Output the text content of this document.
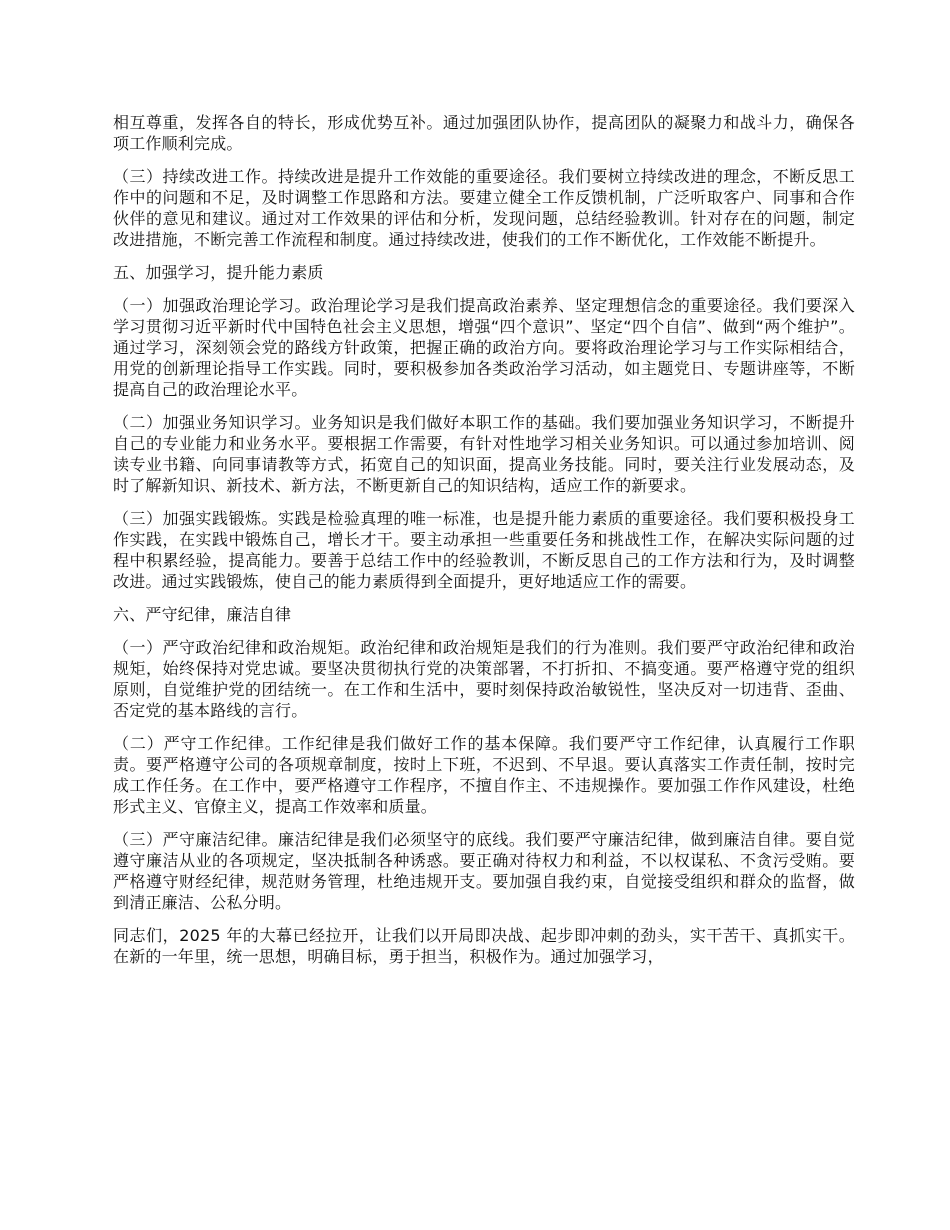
相互尊重，发挥各自的特长，形成优势互补。通过加强团队协作，提高团队的凝聚力和战斗力，确保各项工作顺利完成。

（三）持续改进工作。持续改进是提升工作效能的重要途径。我们要树立持续改进的理念，不断反思工作中的问题和不足，及时调整工作思路和方法。要建立健全工作反馈机制，广泛听取客户、同事和合作伙伴的意见和建议。通过对工作效果的评估和分析，发现问题，总结经验教训。针对存在的问题，制定改进措施，不断完善工作流程和制度。通过持续改进，使我们的工作不断优化，工作效能不断提升。

五、加强学习，提升能力素质

（一）加强政治理论学习。政治理论学习是我们提高政治素养、坚定理想信念的重要途径。我们要深入学习贯彻习近平新时代中国特色社会主义思想，增强“四个意识”、坚定“四个自信”、做到“两个维护”。通过学习，深刻领会党的路线方针政策，把握正确的政治方向。要将政治理论学习与工作实际相结合，用党的创新理论指导工作实践。同时，要积极参加各类政治学习活动，如主题党日、专题讲座等，不断提高自己的政治理论水平。

（二）加强业务知识学习。业务知识是我们做好本职工作的基础。我们要加强业务知识学习，不断提升自己的专业能力和业务水平。要根据工作需要，有针对性地学习相关业务知识。可以通过参加培训、阅读专业书籍、向同事请教等方式，拓宽自己的知识面，提高业务技能。同时，要关注行业发展动态，及时了解新知识、新技术、新方法，不断更新自己的知识结构，适应工作的新要求。

（三）加强实践锻炼。实践是检验真理的唯一标准，也是提升能力素质的重要途径。我们要积极投身工作实践，在实践中锻炼自己，增长才干。要主动承担一些重要任务和挑战性工作，在解决实际问题的过程中积累经验，提高能力。要善于总结工作中的经验教训，不断反思自己的工作方法和行为，及时调整改进。通过实践锻炼，使自己的能力素质得到全面提升，更好地适应工作的需要。

六、严守纪律，廉洁自律

（一）严守政治纪律和政治规矩。政治纪律和政治规矩是我们的行为准则。我们要严守政治纪律和政治规矩，始终保持对党忠诚。要坚决贯彻执行党的决策部署，不打折扣、不搞变通。要严格遵守党的组织原则，自觉维护党的团结统一。在工作和生活中，要时刻保持政治敏锐性，坚决反对一切违背、歪曲、否定党的基本路线的言行。

（二）严守工作纪律。工作纪律是我们做好工作的基本保障。我们要严守工作纪律，认真履行工作职责。要严格遵守公司的各项规章制度，按时上下班，不迟到、不早退。要认真落实工作责任制，按时完成工作任务。在工作中，要严格遵守工作程序，不擅自作主、不违规操作。要加强工作作风建设，杜绝形式主义、官僚主义，提高工作效率和质量。

（三）严守廉洁纪律。廉洁纪律是我们必须坚守的底线。我们要严守廉洁纪律，做到廉洁自律。要自觉遵守廉洁从业的各项规定，坚决抵制各种诱惑。要正确对待权力和利益，不以权谋私、不贪污受贿。要严格遵守财经纪律，规范财务管理，杜绝违规开支。要加强自我约束，自觉接受组织和群众的监督，做到清正廉洁、公私分明。

同志们，2025 年的大幕已经拉开，让我们以开局即决战、起步即冲刺的劲头，实干苦干、真抓实干。在新的一年里，统一思想，明确目标，勇于担当，积极作为。通过加强学习，
